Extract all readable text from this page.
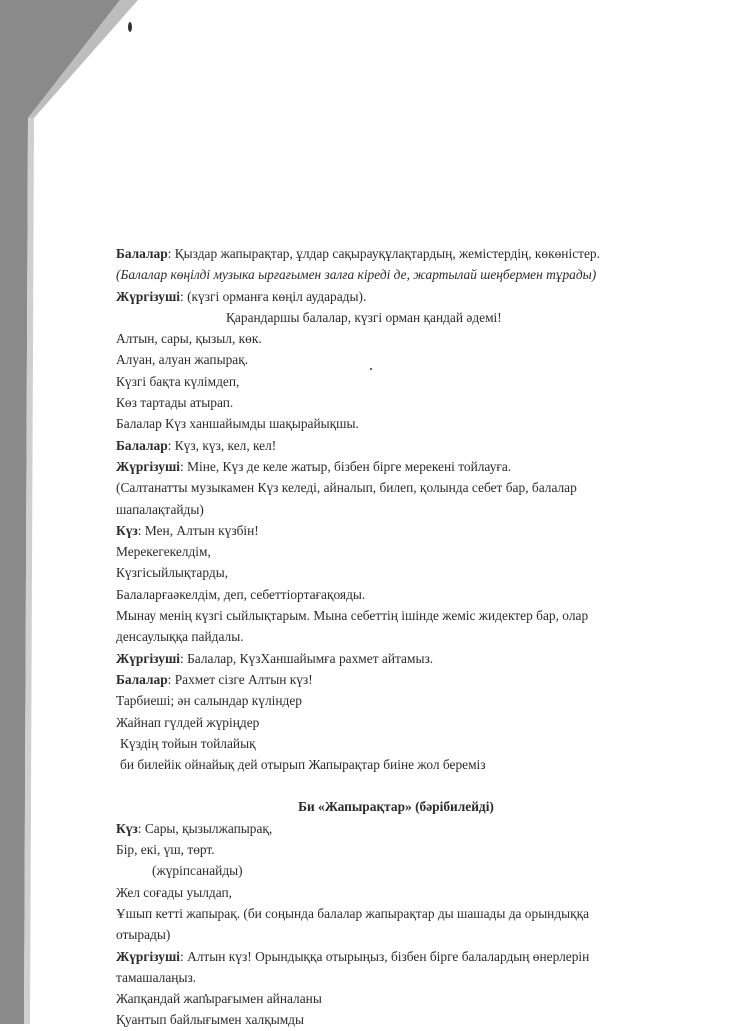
Балалар: Қыздар жапырақтар, ұлдар сақырауқұлақтардың, жемістердің, көкөністер.
(Балалар көңілді музыка ырғағымен залға кіреді де, жартылай шеңбермен тұрады)
Жүргізуші: (күзгі орманға көңіл аударады).
Қарандаршы балалар, күзгі орман қандай әдемі!
Алтын, сары, қызыл, көк.
Алуан, алуан жапырақ.
Күзгі бақта күлімдеп,
Көз тартады атырап.
Балалар Күз ханшайымды шақырайықшы.
Балалар: Күз, күз, кел, кел!
Жүргізуші: Міне, Күз де келе жатыр, бізбен бірге мерекені тойлауға.
(Салтанатты музыкамен Күз келеді, айналып, билеп, қолында себет бар, балалар
шапалақтайды)
Күз: Мен, Алтын күзбін!
Мерекегекелдім,
Күзгісыйлықтарды,
Балаларғаәкелдім, деп, себеттіортағақояды.
Мынау менің күзгі сыйлықтарым. Мына себеттің ішінде жеміс жидектер бар, олар
денсаулыққа пайдалы.
Жүргізуші: Балалар, КүзХаншайымға рахмет айтамыз.
Балалар: Рахмет сізге Алтын күз!
Тарбиеші; ән салындар күліндер
Жайнап гүлдей жүріңдер
Күздің тойын тойлайық
би билейік ойнайық дей отырып Жапырақтар биіне жол береміз
Би «Жапырақтар» (бәрібилейді)
Күз: Сары, қызылжапырақ,
Бір, екі, үш, төрт.
(жүріпсанайды)
Жел соғады уылдап,
Ұшып кетті жапырақ. (би соңында балалар жапырақтар ды шашады да орындыққа
отырады)
Жүргізуші: Алтын күз! Орындыққа отырыңыз, бізбен бірге балалардың өнерлерін
тамашалаңыз.
Жапқандай жапырағымен айналаны
Қуантып байлығымен халқымды
